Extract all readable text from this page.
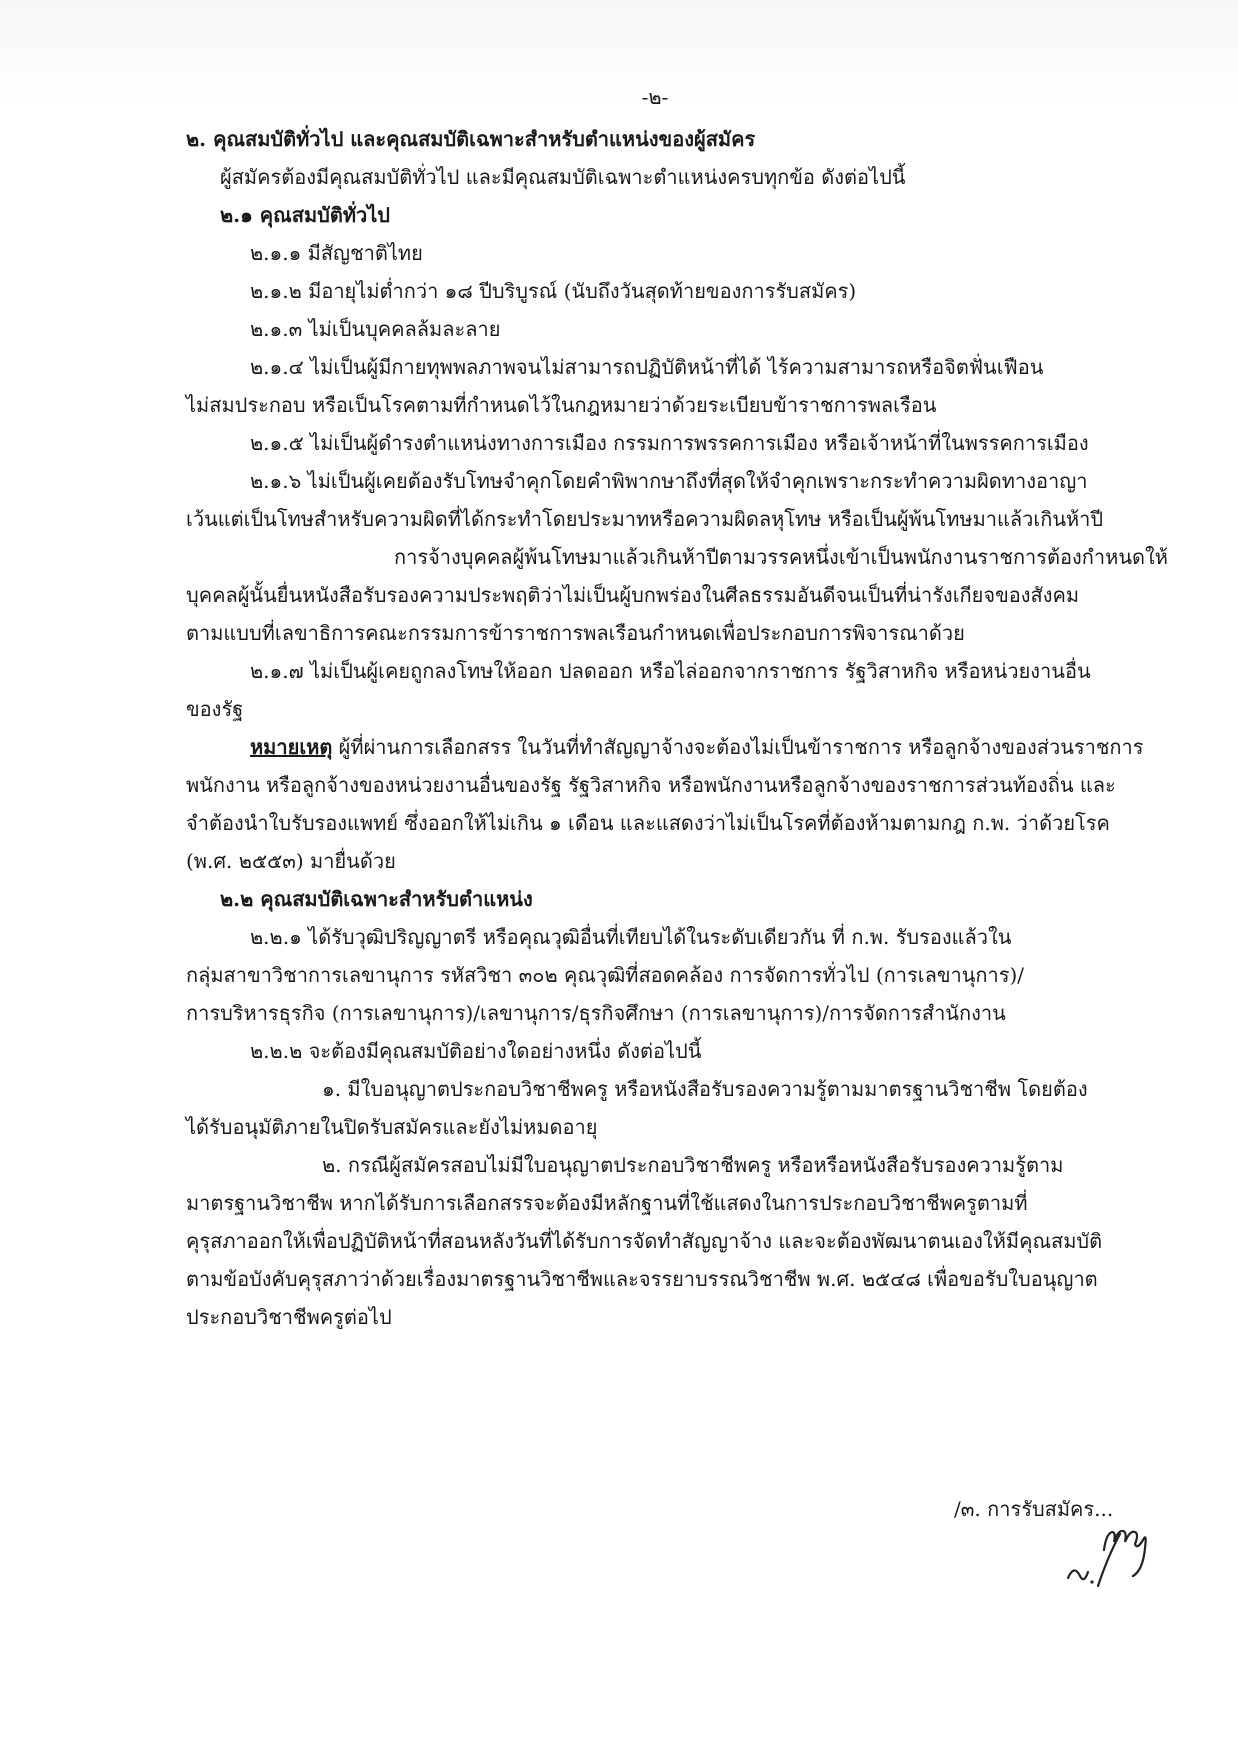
-๒-

๒. คุณสมบัติทั่วไป และคุณสมบัติเฉพาะสำหรับตำแหน่งของผู้สมัคร

ผู้สมัครต้องมีคุณสมบัติทั่วไป และมีคุณสมบัติเฉพาะตำแหน่งครบทุกข้อ ดังต่อไปนี้

๒.๑ คุณสมบัติทั่วไป

๒.๑.๑ มีสัญชาติไทย

๒.๑.๒ มีอายุไม่ต่ำกว่า ๑๘ ปีบริบูรณ์ (นับถึงวันสุดท้ายของการรับสมัคร)

๒.๑.๓ ไม่เป็นบุคคลล้มละลาย

๒.๑.๔ ไม่เป็นผู้มีกายทุพพลภาพจนไม่สามารถปฏิบัติหน้าที่ได้ ไร้ความสามารถหรือจิตฟั่นเฟือน

ไม่สมประกอบ หรือเป็นโรคตามที่กำหนดไว้ในกฎหมายว่าด้วยระเบียบข้าราชการพลเรือน

๒.๑.๕ ไม่เป็นผู้ดำรงตำแหน่งทางการเมือง กรรมการพรรคการเมือง หรือเจ้าหน้าที่ในพรรคการเมือง

๒.๑.๖ ไม่เป็นผู้เคยต้องรับโทษจำคุกโดยคำพิพากษาถึงที่สุดให้จำคุกเพราะกระทำความผิดทางอาญา

เว้นแต่เป็นโทษสำหรับความผิดที่ได้กระทำโดยประมาทหรือความผิดลหุโทษ หรือเป็นผู้พ้นโทษมาแล้วเกินห้าปี

การจ้างบุคคลผู้พ้นโทษมาแล้วเกินห้าปีตามวรรคหนึ่งเข้าเป็นพนักงานราชการต้องกำหนดให้

บุคคลผู้นั้นยื่นหนังสือรับรองความประพฤติว่าไม่เป็นผู้บกพร่องในศีลธรรมอันดีจนเป็นที่น่ารังเกียจของสังคม

ตามแบบที่เลขาธิการคณะกรรมการข้าราชการพลเรือนกำหนดเพื่อประกอบการพิจารณาด้วย

๒.๑.๗ ไม่เป็นผู้เคยถูกลงโทษให้ออก ปลดออก หรือไล่ออกจากราชการ รัฐวิสาหกิจ หรือหน่วยงานอื่น

ของรัฐ

หมายเหตุ ผู้ที่ผ่านการเลือกสรร ในวันที่ทำสัญญาจ้างจะต้องไม่เป็นข้าราชการ หรือลูกจ้างของส่วนราชการ

พนักงาน หรือลูกจ้างของหน่วยงานอื่นของรัฐ รัฐวิสาหกิจ หรือพนักงานหรือลูกจ้างของราชการส่วนท้องถิ่น และ

จำต้องนำใบรับรองแพทย์ ซึ่งออกให้ไม่เกิน ๑ เดือน และแสดงว่าไม่เป็นโรคที่ต้องห้ามตามกฎ ก.พ. ว่าด้วยโรค

(พ.ศ. ๒๕๕๓) มายื่นด้วย

๒.๒ คุณสมบัติเฉพาะสำหรับตำแหน่ง

๒.๒.๑ ได้รับวุฒิปริญญาตรี หรือคุณวุฒิอื่นที่เทียบได้ในระดับเดียวกัน ที่ ก.พ. รับรองแล้วใน

กลุ่มสาขาวิชาการเลขานุการ รหัสวิชา ๓๐๒ คุณวุฒิที่สอดคล้อง การจัดการทั่วไป (การเลขานุการ)/

การบริหารธุรกิจ (การเลขานุการ)/เลขานุการ/ธุรกิจศึกษา (การเลขานุการ)/การจัดการสำนักงาน

๒.๒.๒ จะต้องมีคุณสมบัติอย่างใดอย่างหนึ่ง ดังต่อไปนี้

๑. มีใบอนุญาตประกอบวิชาชีพครู หรือหนังสือรับรองความรู้ตามมาตรฐานวิชาชีพ โดยต้อง

ได้รับอนุมัติภายในปิดรับสมัครและยังไม่หมดอายุ

๒. กรณีผู้สมัครสอบไม่มีใบอนุญาตประกอบวิชาชีพครู หรือหรือหนังสือรับรองความรู้ตาม

มาตรฐานวิชาชีพ หากได้รับการเลือกสรรจะต้องมีหลักฐานที่ใช้แสดงในการประกอบวิชาชีพครูตามที่

คุรุสภาออกให้เพื่อปฏิบัติหน้าที่สอนหลังวันที่ได้รับการจัดทำสัญญาจ้าง และจะต้องพัฒนาตนเองให้มีคุณสมบัติ

ตามข้อบังคับคุรุสภาว่าด้วยเรื่องมาตรฐานวิชาชีพและจรรยาบรรณวิชาชีพ พ.ศ. ๒๕๔๘ เพื่อขอรับใบอนุญาต

ประกอบวิชาชีพครูต่อไป

/๓. การรับสมัคร...
